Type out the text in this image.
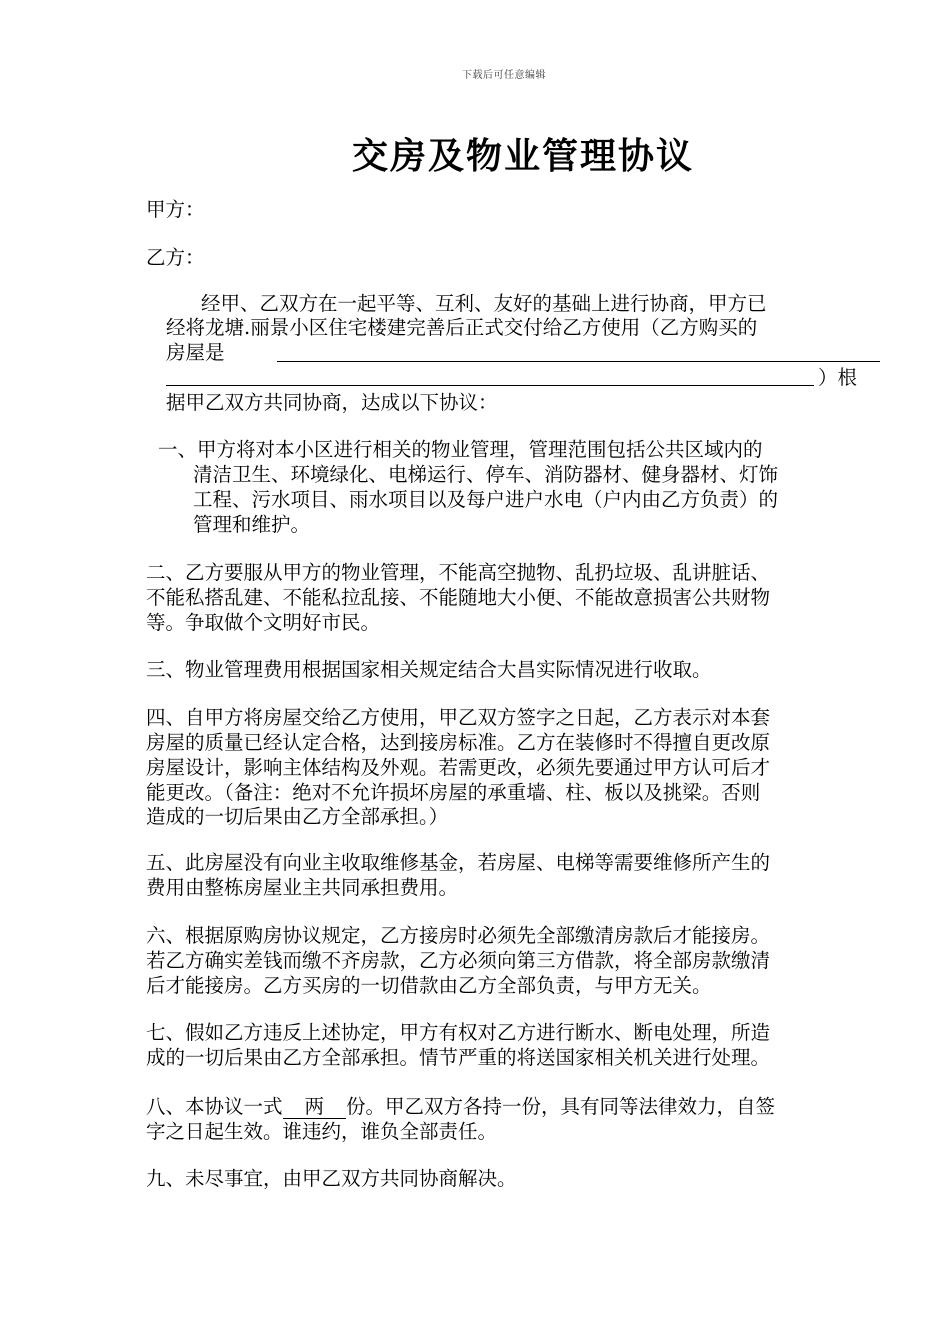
下载后可任意编辑
交房及物业管理协议
甲方：
乙方：
经甲、乙双方在一起平等、互利、友好的基础上进行协商，甲方已
经将龙塘.丽景小区住宅楼建完善后正式交付给乙方使用（乙方购买的
房屋是
）根
据甲乙双方共同协商，达成以下协议：
一、甲方将对本小区进行相关的物业管理，管理范围包括公共区域内的
清洁卫生、环境绿化、电梯运行、停车、消防器材、健身器材、灯饰
工程、污水项目、雨水项目以及每户进户水电（户内由乙方负责）的
管理和维护。
二、乙方要服从甲方的物业管理，不能高空抛物、乱扔垃圾、乱讲脏话、
不能私搭乱建、不能私拉乱接、不能随地大小便、不能故意损害公共财物
等。争取做个文明好市民。
三、物业管理费用根据国家相关规定结合大昌实际情况进行收取。
四、自甲方将房屋交给乙方使用，甲乙双方签字之日起，乙方表示对本套
房屋的质量已经认定合格，达到接房标准。乙方在装修时不得擅自更改原
房屋设计，影响主体结构及外观。若需更改，必须先要通过甲方认可后才
能更改。（备注：绝对不允许损坏房屋的承重墙、柱、板以及挑梁。否则
造成的一切后果由乙方全部承担。）
五、此房屋没有向业主收取维修基金，若房屋、电梯等需要维修所产生的
费用由整栋房屋业主共同承担费用。
六、根据原购房协议规定，乙方接房时必须先全部缴清房款后才能接房。
若乙方确实差钱而缴不齐房款，乙方必须向第三方借款，将全部房款缴清
后才能接房。乙方买房的一切借款由乙方全部负责，与甲方无关。
七、假如乙方违反上述协定，甲方有权对乙方进行断水、断电处理，所造
成的一切后果由乙方全部承担。情节严重的将送国家相关机关进行处理。
八、本协议一式 两 份。甲乙双方各持一份，具有同等法律效力，自签
字之日起生效。谁违约，谁负全部责任。
九、未尽事宜，由甲乙双方共同协商解决。
